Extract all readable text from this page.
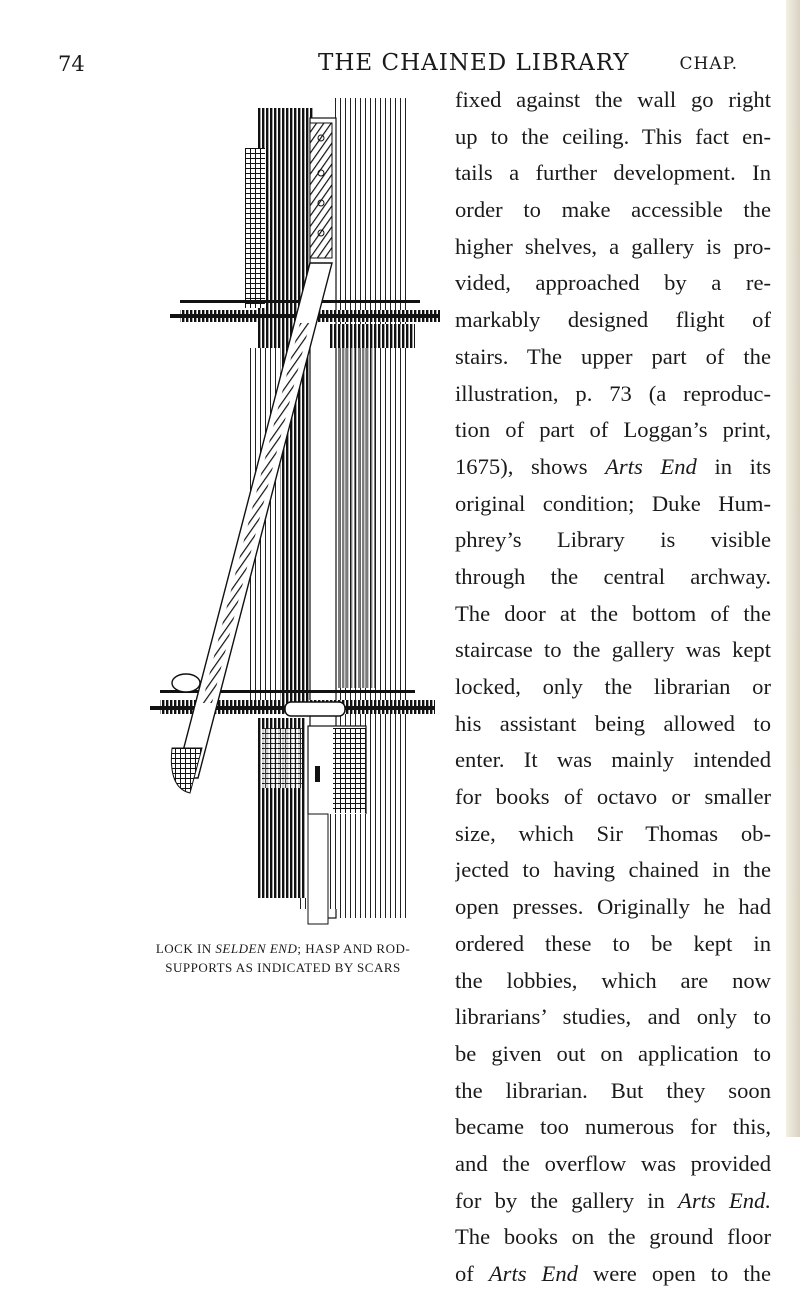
74	THE CHAINED LIBRARY	CHAP.
LOCK IN SELDEN END; HASP AND ROD-
SUPPORTS AS INDICATED BY SCARS
fixed against the wall go right
up to the ceiling. This fact en-
tails a further development. In
order to make accessible the
higher shelves, a gallery is pro-
vided, approached by a re-
markably designed flight of
stairs. The upper part of the
illustration, p. 73 (a reproduc-
tion of part of Loggan’s print,
1675), shows Arts End in its
original condition; Duke Hum-
phrey’s Library is visible
through the central archway.
The door at the bottom of the
staircase to the gallery was kept
locked, only the librarian or
his assistant being allowed to
enter. It was mainly intended
for books of octavo or smaller
size, which Sir Thomas ob-
jected to having chained in the
open presses. Originally he had
ordered these to be kept in
the lobbies, which are now
librarians’ studies, and only to
be given out on application to
the librarian. But they soon
became too numerous for this,
and the overflow was provided
for by the gallery in Arts End.
The books on the ground floor
of Arts End were open to the
